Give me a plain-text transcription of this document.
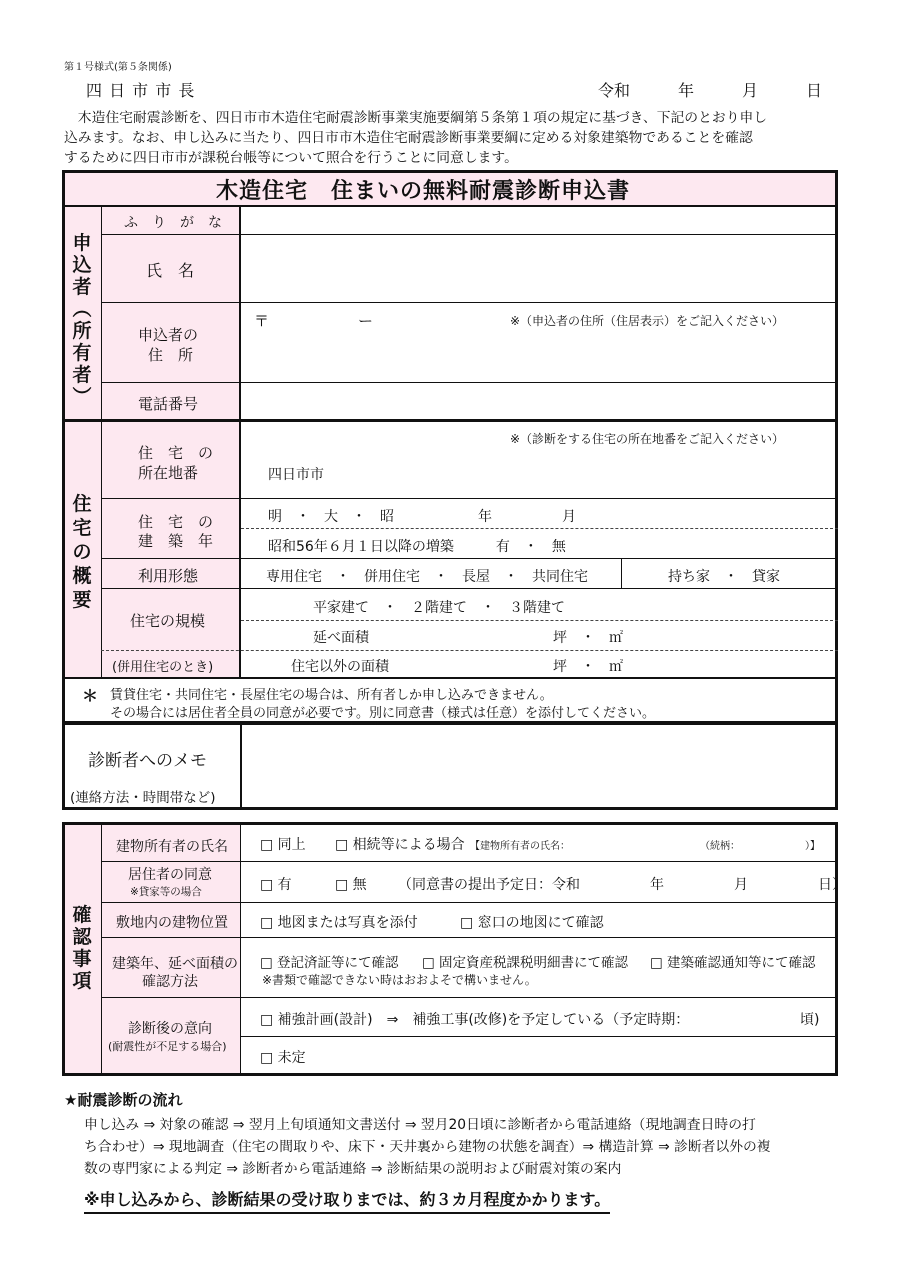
第１号様式(第５条関係)
四 日 市 市 長	令和　　　年　　　月　　　日
　木造住宅耐震診断を、四日市市木造住宅耐震診断事業実施要綱第５条第１項の規定に基づき、下記のとおり申し
込みます。なお、申し込みに当たり、四日市市木造住宅耐震診断事業要綱に定める対象建築物であることを確認
するために四日市市が課税台帳等について照合を行うことに同意します。
木造住宅　住まいの無料耐震診断申込書
申
込
者
︵
所
有
者
︶
ふ　り　が　な
氏　名
申込者の
住　所
〒	ー	※（申込者の住所（住居表示）をご記入ください）
電話番号
住
宅
の
概
要
住　宅　の
所在地番
※（診断をする住宅の所在地番をご記入ください）
四日市市
住　宅　の
建　築　年
明　・　大　・　昭　　　　　　年　　　　　月
昭和56年６月１日以降の増築　　　有　・　無
利用形態	専用住宅　・　併用住宅　・　長屋　・　共同住宅	持ち家　・　貸家
住宅の規模
平家建て　・　２階建て　・　３階建て
延べ面積	坪　・　㎡
(併用住宅のとき)	住宅以外の面積	坪　・　㎡
＊ 賃貸住宅・共同住宅・長屋住宅の場合は、所有者しか申し込みできません。
その場合には居住者全員の同意が必要です。別に同意書（様式は任意）を添付してください。
診断者へのメモ
(連絡方法・時間帯など)
確
認
事
項
建物所有者の氏名 □ 同上 □ 相続等による場合 【建物所有者の氏名：	（続柄：　　　　　　　）】
居住者の同意
※貸家等の場合	□ 有	□ 無 （同意書の提出予定日：令和　　　　　年　　　　　月　　　　　日）
敷地内の建物位置 □ 地図または写真を添付	□ 窓口の地図にて確認
建築年、延べ面積の
確認方法
□ 登記済証等にて確認 □ 固定資産税課税明細書にて確認 □ 建築確認通知等にて確認
※書類で確認できない時はおおよそで構いません。
診断後の意向
(耐震性が不足する場合)
□ 補強計画(設計)　⇒　補強工事(改修)を予定している（予定時期：	頃)
□ 未定
★耐震診断の流れ
申し込み ⇒ 対象の確認 ⇒ 翌月上旬頃通知文書送付 ⇒ 翌月20日頃に診断者から電話連絡（現地調査日時の打
ち合わせ）⇒ 現地調査（住宅の間取りや、床下・天井裏から建物の状態を調査）⇒ 構造計算 ⇒ 診断者以外の複
数の専門家による判定 ⇒ 診断者から電話連絡 ⇒ 診断結果の説明および耐震対策の案内
※申し込みから、診断結果の受け取りまでは、約３カ月程度かかります。
